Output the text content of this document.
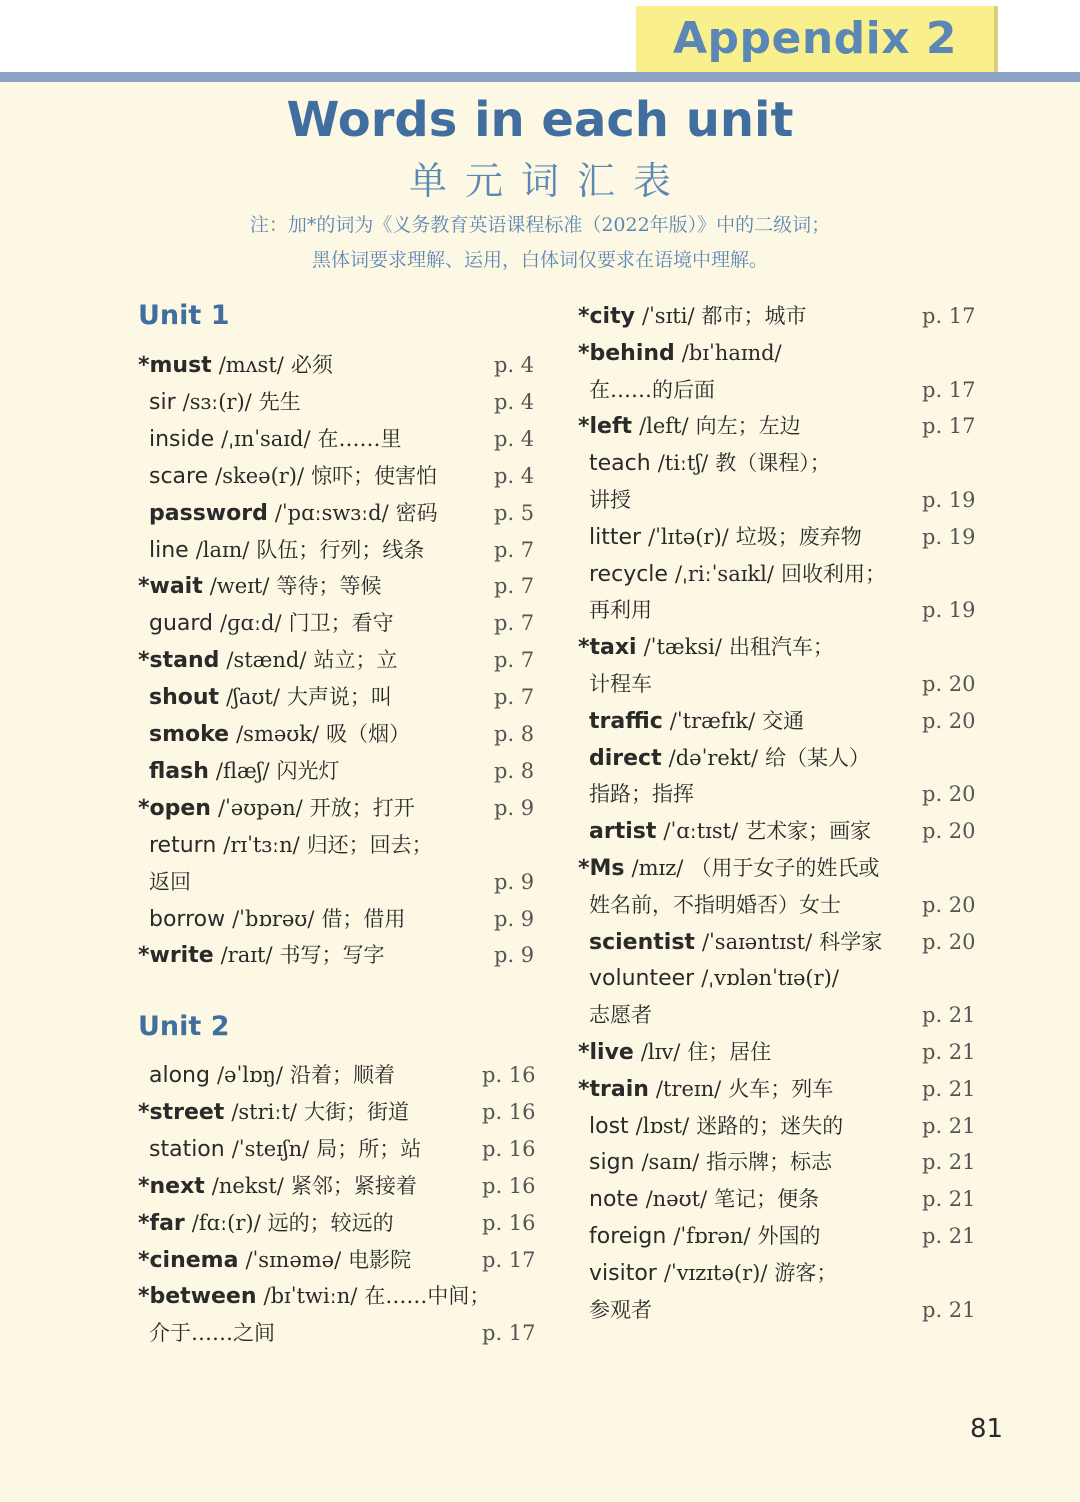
Appendix 2
Words in each unit
单元词汇表
注：加*的词为《义务教育英语课程标准（2022年版）》中的二级词；
黑体词要求理解、运用，白体词仅要求在语境中理解。
Unit 1
Unit 2
*must /mʌst/ 必须	p. 4
sir /sɜː(r)/ 先生	p. 4
inside /ˌɪnˈsaɪd/ 在……里	p. 4
scare /skeə(r)/ 惊吓；使害怕	p. 4
password /ˈpɑːswɜːd/ 密码	p. 5
line /laɪn/ 队伍；行列；线条	p. 7
*wait /weɪt/ 等待；等候	p. 7
guard /ɡɑːd/ 门卫；看守	p. 7
*stand /stænd/ 站立；立	p. 7
shout /ʃaʊt/ 大声说；叫	p. 7
smoke /sməʊk/ 吸（烟）	p. 8
flash /flæʃ/ 闪光灯	p. 8
*open /ˈəʊpən/ 开放；打开	p. 9
return /rɪˈtɜːn/ 归还；回去；
返回	p. 9
borrow /ˈbɒrəʊ/ 借；借用	p. 9
*write /raɪt/ 书写；写字	p. 9
along /əˈlɒŋ/ 沿着；顺着	p. 16
*street /striːt/ 大街；街道	p. 16
station /ˈsteɪʃn/ 局；所；站	p. 16
*next /nekst/ 紧邻；紧接着	p. 16
*far /fɑː(r)/ 远的；较远的	p. 16
*cinema /ˈsɪnəmə/ 电影院	p. 17
*between /bɪˈtwiːn/ 在……中间；
介于……之间	p. 17
*city /ˈsɪti/ 都市；城市	p. 17
*behind /bɪˈhaɪnd/
在……的后面	p. 17
*left /left/ 向左；左边	p. 17
teach /tiːtʃ/ 教（课程）；
讲授	p. 19
litter /ˈlɪtə(r)/ 垃圾；废弃物	p. 19
recycle /ˌriːˈsaɪkl/ 回收利用；
再利用	p. 19
*taxi /ˈtæksi/ 出租汽车；
计程车	p. 20
traffic /ˈtræfɪk/ 交通	p. 20
direct /dəˈrekt/ 给（某人）
指路；指挥	p. 20
artist /ˈɑːtɪst/ 艺术家；画家 p. 20
*Ms /mɪz/ （用于女子的姓氏或
姓名前，不指明婚否）女士	p. 20
scientist /ˈsaɪəntɪst/ 科学家 p. 20
volunteer /ˌvɒlənˈtɪə(r)/
志愿者	p. 21
*live /lɪv/ 住；居住	p. 21
*train /treɪn/ 火车；列车	p. 21
lost /lɒst/ 迷路的；迷失的	p. 21
sign /saɪn/ 指示牌；标志	p. 21
note /nəʊt/ 笔记；便条	p. 21
foreign /ˈfɒrən/ 外国的	p. 21
visitor /ˈvɪzɪtə(r)/ 游客；
参观者	p. 21
81
